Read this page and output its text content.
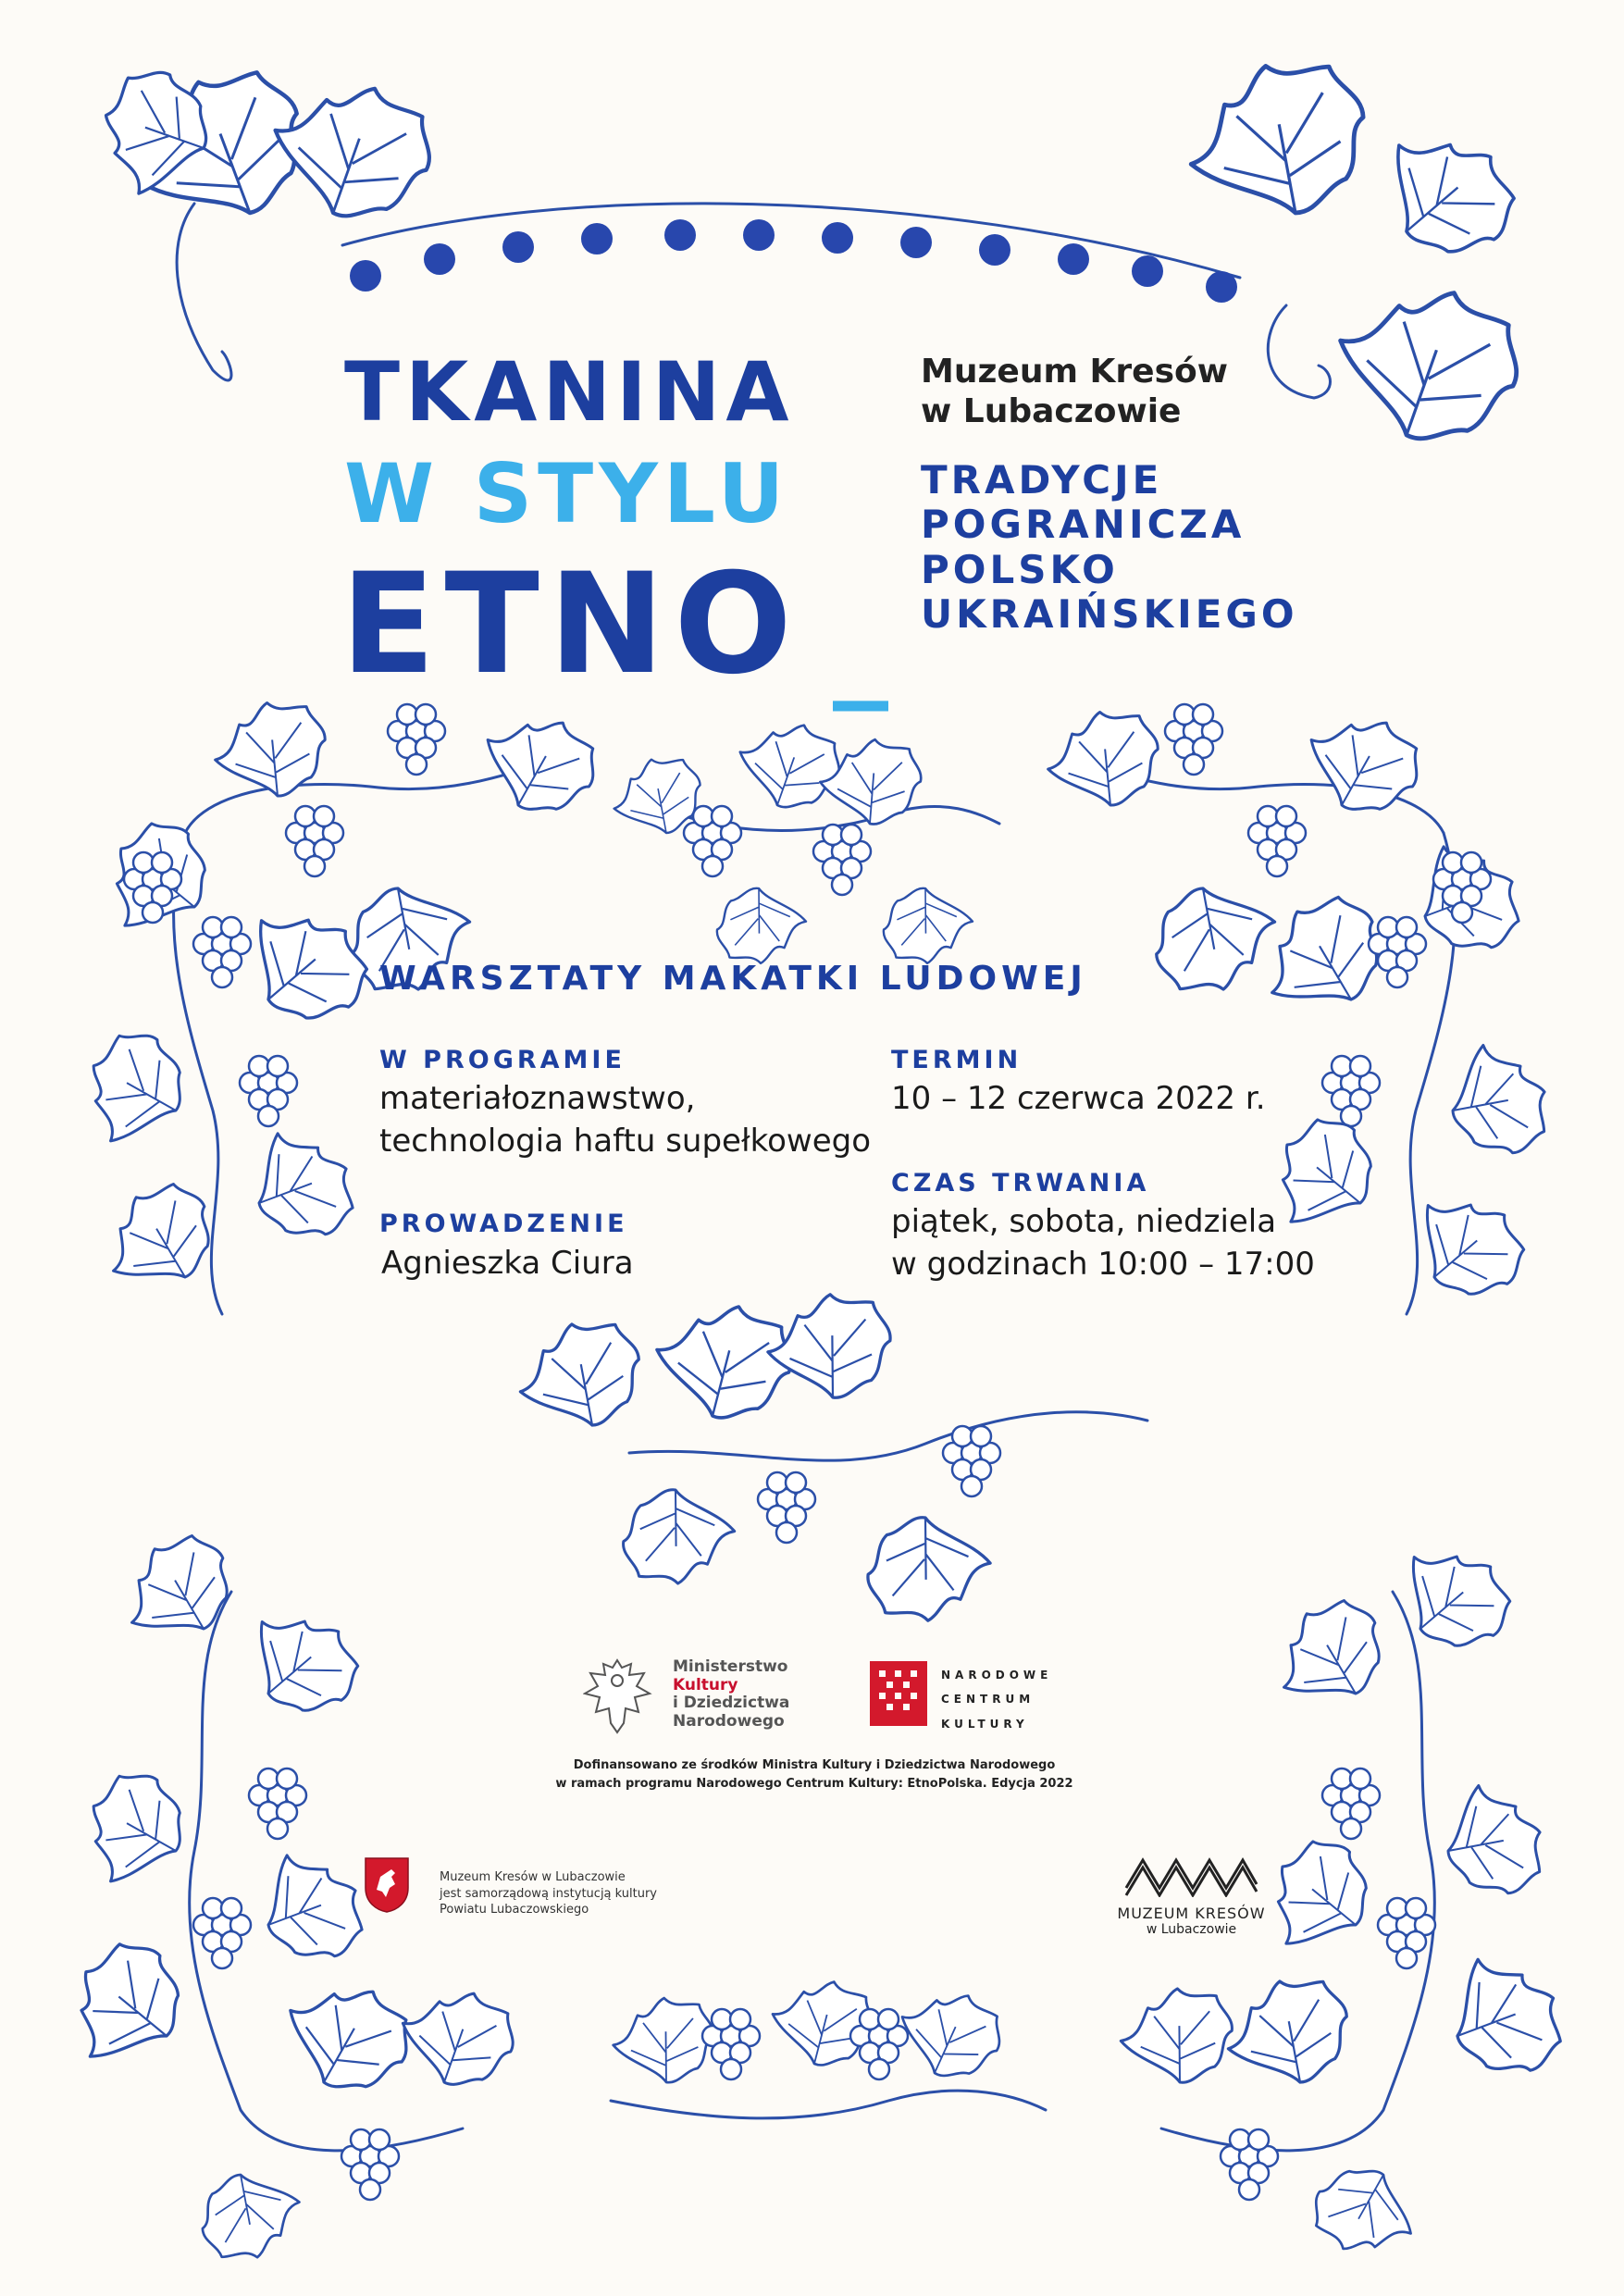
TKANINA
W STYLU
ETNO _
Muzeum Kresów
w Lubaczowie
TRADYCJE
POGRANICZA
POLSKO
UKRAIŃSKIEGO
WARSZTATY MAKATKI LUDOWEJ
W PROGRAMIE
materiałoznawstwo,
technologia haftu supełkowego
PROWADZENIE
Agnieszka Ciura
TERMIN
10 – 12 czerwca 2022 r.
CZAS TRWANIA
piątek, sobota, niedziela
w godzinach 10:00 – 17:00
Ministerstwo
Kultury
i Dziedzictwa
Narodowego
NARODOWE
CENTRUM
KULTURY
Dofinansowano ze środków Ministra Kultury i Dziedzictwa Narodowego
w ramach programu Narodowego Centrum Kultury: EtnoPolska. Edycja 2022
Muzeum Kresów w Lubaczowie
jest samorządową instytucją kultury
Powiatu Lubaczowskiego	MUZEUM KRESÓW
w Lubaczowie
